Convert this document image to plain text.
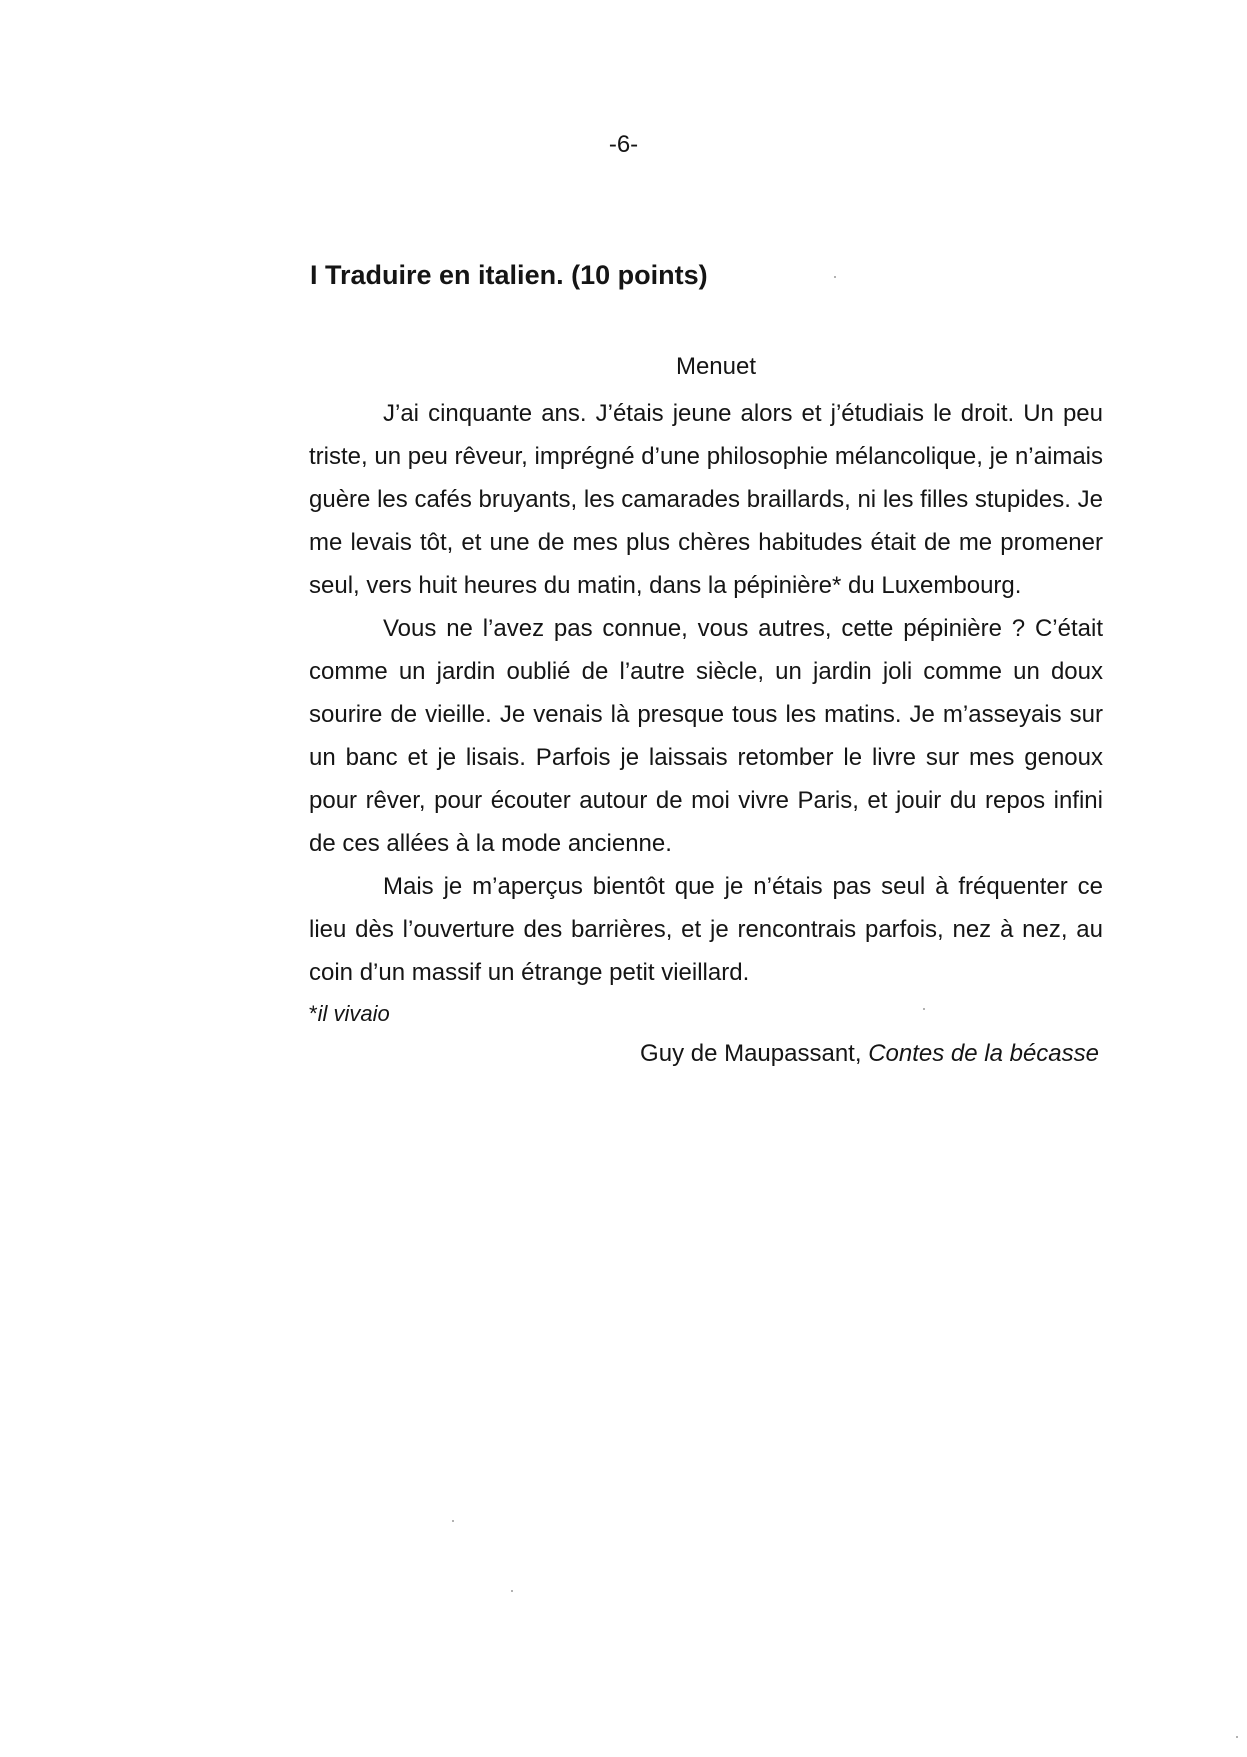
-6-
I Traduire en italien. (10 points)
Menuet

J’ai cinquante ans. J’étais jeune alors et j’étudiais le droit. Un peu triste, un peu rêveur, imprégné d’une philosophie mélancolique, je n’aimais guère les cafés bruyants, les camarades braillards, ni les filles stupides. Je me levais tôt, et une de mes plus chères habitudes était de me promener seul, vers huit heures du matin, dans la pépinière* du Luxembourg.

Vous ne l’avez pas connue, vous autres, cette pépinière ? C’était comme un jardin oublié de l’autre siècle, un jardin joli comme un doux sourire de vieille. Je venais là presque tous les matins. Je m’asseyais sur un banc et je lisais. Parfois je laissais retomber le livre sur mes genoux pour rêver, pour écouter autour de moi vivre Paris, et jouir du repos infini de ces allées à la mode ancienne.

Mais je m’aperçus bientôt que je n’étais pas seul à fréquenter ce lieu dès l’ouverture des barrières, et je rencontrais parfois, nez à nez, au coin d’un massif un étrange petit vieillard.

*il vivaio

Guy de Maupassant, Contes de la bécasse
